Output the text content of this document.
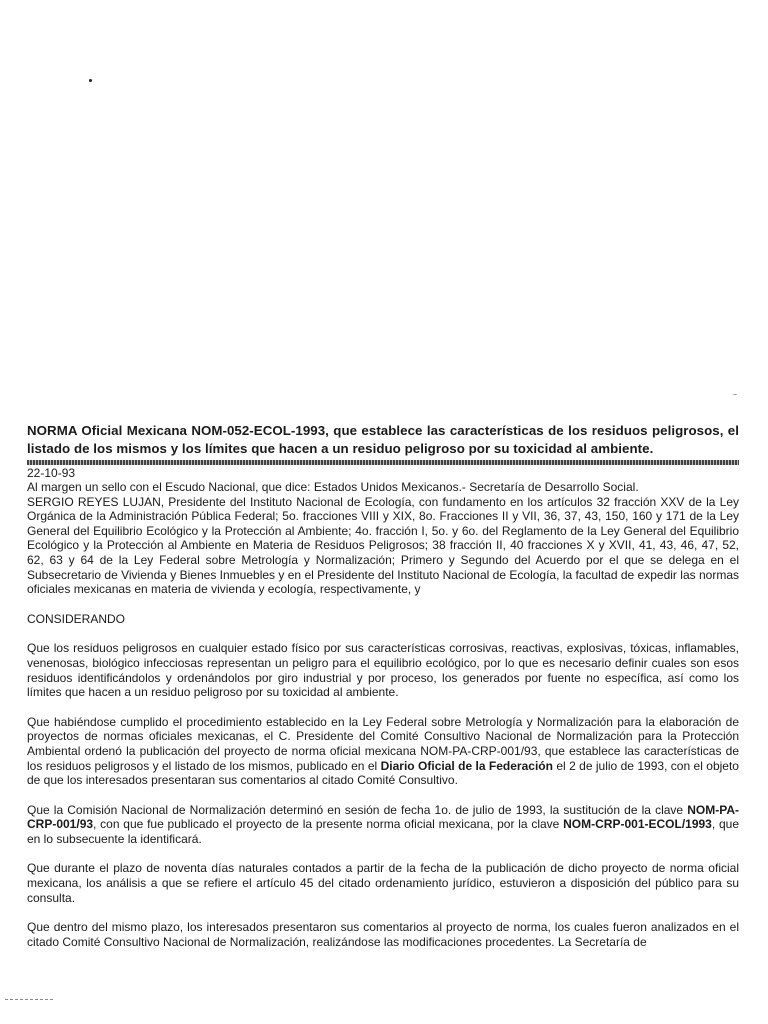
NORMA Oficial Mexicana NOM-052-ECOL-1993, que establece las características de los residuos peligrosos, el listado de los mismos y los límites que hacen a un residuo peligroso por su toxicidad al ambiente.
22-10-93

Al margen un sello con el Escudo Nacional, que dice: Estados Unidos Mexicanos.- Secretaría de Desarrollo Social.

SERGIO REYES LUJAN, Presidente del Instituto Nacional de Ecología, con fundamento en los artículos 32 fracción XXV de la Ley Orgánica de la Administración Pública Federal; 5o. fracciones VIII y XIX, 8o. Fracciones II y VII, 36, 37, 43, 150, 160 y 171 de la Ley General del Equilibrio Ecológico y la Protección al Ambiente; 4o. fracción I, 5o. y 6o. del Reglamento de la Ley General del Equilibrio Ecológico y la Protección al Ambiente en Materia de Residuos Peligrosos; 38 fracción II, 40 fracciones X y XVII, 41, 43, 46, 47, 52, 62, 63 y 64 de la Ley Federal sobre Metrología y Normalización; Primero y Segundo del Acuerdo por el que se delega en el Subsecretario de Vivienda y Bienes Inmuebles y en el Presidente del Instituto Nacional de Ecología, la facultad de expedir las normas oficiales mexicanas en materia de vivienda y ecología, respectivamente, y

CONSIDERANDO

Que los residuos peligrosos en cualquier estado físico por sus características corrosivas, reactivas, explosivas, tóxicas, inflamables, venenosas, biológico infecciosas representan un peligro para el equilibrio ecológico, por lo que es necesario definir cuales son esos residuos identificándolos y ordenándolos por giro industrial y por proceso, los generados por fuente no específica, así como los límites que hacen a un residuo peligroso por su toxicidad al ambiente.

Que habiéndose cumplido el procedimiento establecido en la Ley Federal sobre Metrología y Normalización para la elaboración de proyectos de normas oficiales mexicanas, el C. Presidente del Comité Consultivo Nacional de Normalización para la Protección Ambiental ordenó la publicación del proyecto de norma oficial mexicana NOM-PA-CRP-001/93, que establece las características de los residuos peligrosos y el listado de los mismos, publicado en el Diario Oficial de la Federación el 2 de julio de 1993, con el objeto de que los interesados presentaran sus comentarios al citado Comité Consultivo.

Que la Comisión Nacional de Normalización determinó en sesión de fecha 1o. de julio de 1993, la sustitución de la clave NOM-PA-CRP-001/93, con que fue publicado el proyecto de la presente norma oficial mexicana, por la clave NOM-CRP-001-ECOL/1993, que en lo subsecuente la identificará.

Que durante el plazo de noventa días naturales contados a partir de la fecha de la publicación de dicho proyecto de norma oficial mexicana, los análisis a que se refiere el artículo 45 del citado ordenamiento jurídico, estuvieron a disposición del público para su consulta.

Que dentro del mismo plazo, los interesados presentaron sus comentarios al proyecto de norma, los cuales fueron analizados en el citado Comité Consultivo Nacional de Normalización, realizándose las modificaciones procedentes. La Secretaría de
